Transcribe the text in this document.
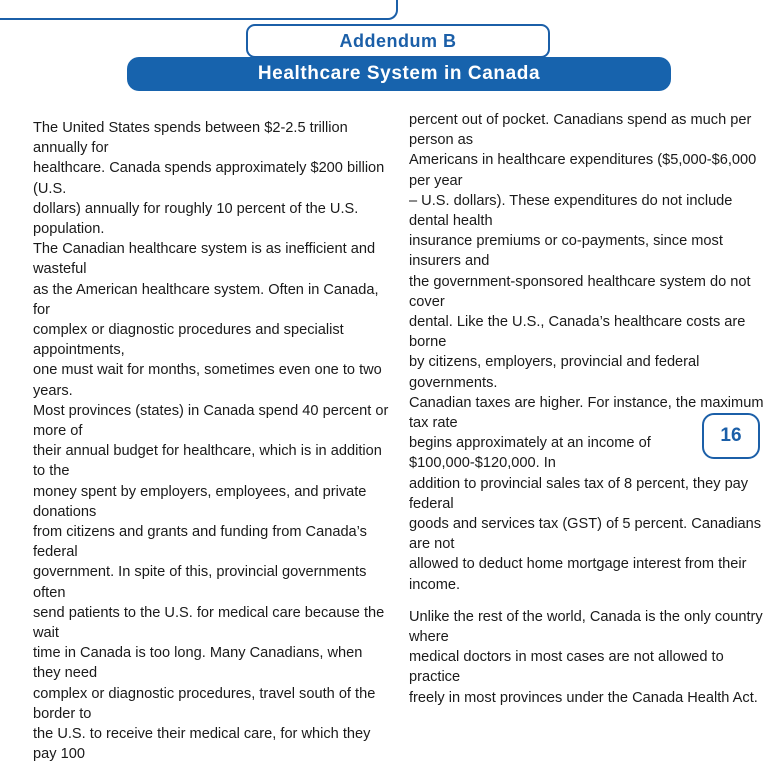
Addendum B
Healthcare System in Canada

The United States spends between $2-2.5 trillion annually for
healthcare. Canada spends approximately $200 billion (U.S.
dollars) annually for roughly 10 percent of the U.S. population.
The Canadian healthcare system is as inefficient and wasteful
as the American healthcare system. Often in Canada, for
complex or diagnostic procedures and specialist appointments,
one must wait for months, sometimes even one to two years.
Most provinces (states) in Canada spend 40 percent or more of
their annual budget for healthcare, which is in addition to the
money spent by employers, employees, and private donations
from citizens and grants and funding from Canada’s federal
government. In spite of this, provincial governments often
send patients to the U.S. for medical care because the wait
time in Canada is too long. Many Canadians, when they need
complex or diagnostic procedures, travel south of the border to
the U.S. to receive their medical care, for which they pay 100

percent out of pocket. Canadians spend as much per person as
Americans in healthcare expenditures ($5,000-$6,000 per year
– U.S. dollars). These expenditures do not include dental health
insurance premiums or co-payments, since most insurers and
the government-sponsored healthcare system do not cover
dental. Like the U.S., Canada’s healthcare costs are borne
by citizens, employers, provincial and federal governments.
Canadian taxes are higher. For instance, the maximum tax rate
begins approximately at an income of $100,000-$120,000. In
addition to provincial sales tax of 8 percent, they pay federal
goods and services tax (GST) of 5 percent. Canadians are not
allowed to deduct home mortgage interest from their income.

Unlike the rest of the world, Canada is the only country where
medical doctors in most cases are not allowed to practice
freely in most provinces under the Canada Health Act.

16
